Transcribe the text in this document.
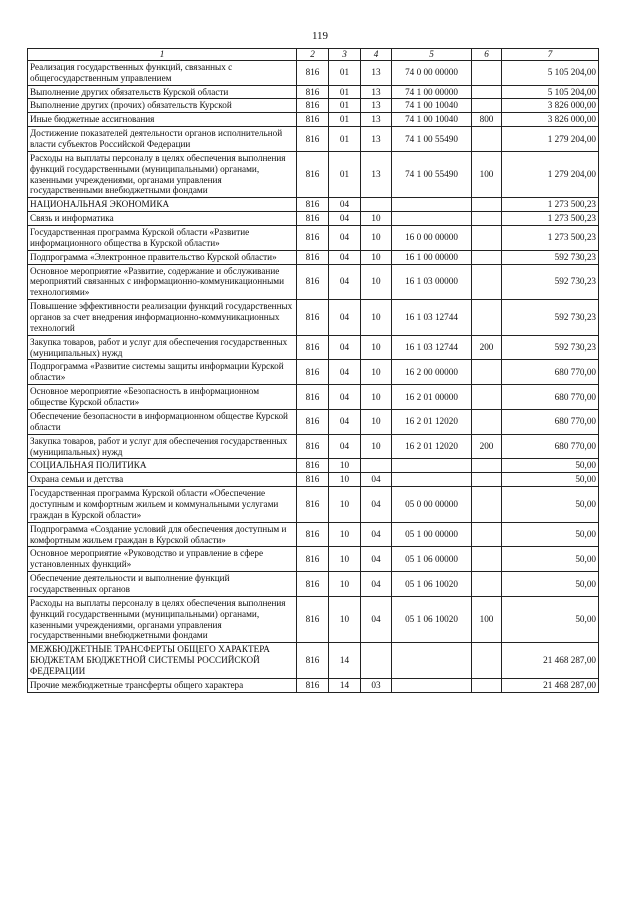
119
1	2	3	4	5	6	7
Реализация государственных функций, связанных с общегосударственным управлением	816	01	13	74 0 00 00000		5 105 204,00
Выполнение других обязательств Курской области	816	01	13	74 1 00 00000		5 105 204,00
Выполнение других (прочих) обязательств Курской	816	01	13	74 1 00 10040		3 826 000,00
Иные бюджетные ассигнования	816	01	13	74 1 00 10040	800	3 826 000,00
Достижение показателей деятельности органов исполнительной власти субъектов Российской Федерации	816	01	13	74 1 00 55490		1 279 204,00
Расходы на выплаты персоналу в целях обеспечения выполнения функций государственными (муниципальными) органами, казенными учреждениями, органами управления государственными внебюджетными фондами	816	01	13	74 1 00 55490	100	1 279 204,00
НАЦИОНАЛЬНАЯ ЭКОНОМИКА	816	04				1 273 500,23
Связь и информатика	816	04	10			1 273 500,23
Государственная программа Курской области «Развитие информационного общества в Курской области»	816	04	10	16 0 00 00000		1 273 500,23
Подпрограмма «Электронное правительство Курской области»	816	04	10	16 1 00 00000		592 730,23
Основное мероприятие «Развитие, содержание и обслуживание мероприятий связанных с информационно-коммуникационными технологиями»	816	04	10	16 1 03 00000		592 730,23
Повышение эффективности реализации функций государственных органов за счет внедрения информационно-коммуникационных технологий	816	04	10	16 1 03 12744		592 730,23
Закупка товаров, работ и услуг для обеспечения государственных (муниципальных) нужд	816	04	10	16 1 03 12744	200	592 730,23
Подпрограмма «Развитие системы защиты информации Курской области»	816	04	10	16 2 00 00000		680 770,00
Основное мероприятие «Безопасность в информационном обществе Курской области»	816	04	10	16 2 01 00000		680 770,00
Обеспечение безопасности в информационном обществе Курской области	816	04	10	16 2 01 12020		680 770,00
Закупка товаров, работ и услуг для обеспечения государственных (муниципальных) нужд	816	04	10	16 2 01 12020	200	680 770,00
СОЦИАЛЬНАЯ ПОЛИТИКА	816	10				50,00
Охрана семьи и детства	816	10	04			50,00
Государственная программа Курской области «Обеспечение доступным и комфортным жильем и коммунальными услугами граждан в Курской области»	816	10	04	05 0 00 00000		50,00
Подпрограмма «Создание условий для обеспечения доступным и комфортным жильем граждан в Курской области»	816	10	04	05 1 00 00000		50,00
Основное мероприятие «Руководство и управление в сфере установленных функций»	816	10	04	05 1 06 00000		50,00
Обеспечение деятельности и выполнение функций государственных органов	816	10	04	05 1 06 10020		50,00
Расходы на выплаты персоналу в целях обеспечения выполнения функций государственными (муниципальными) органами, казенными учреждениями, органами управления государственными внебюджетными фондами	816	10	04	05 1 06 10020	100	50,00
МЕЖБЮДЖЕТНЫЕ ТРАНСФЕРТЫ ОБЩЕГО ХАРАКТЕРА БЮДЖЕТАМ БЮДЖЕТНОЙ СИСТЕМЫ РОССИЙСКОЙ ФЕДЕРАЦИИ	816	14				21 468 287,00
Прочие межбюджетные трансферты общего характера	816	14	03			21 468 287,00
